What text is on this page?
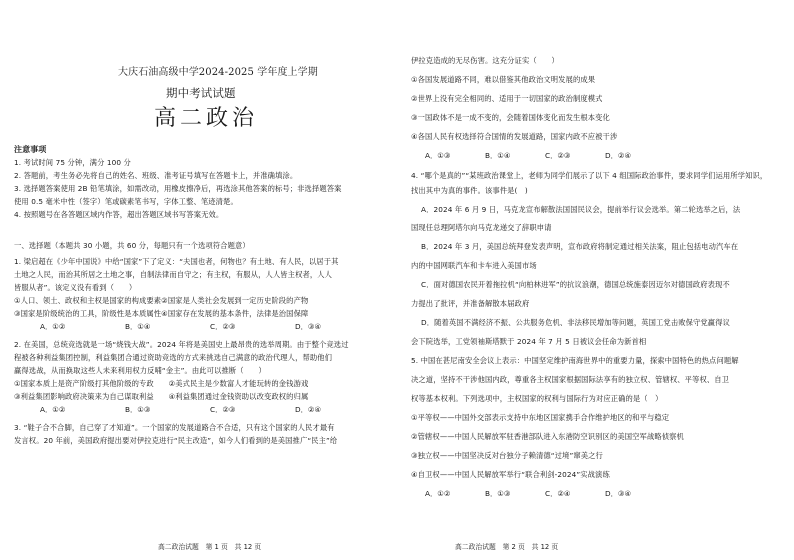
大庆石油高级中学2024-2025 学年度上学期
期中考试试题
高二政治
注意事项
1. 考试时间 75 分钟，满分 100 分
2. 答题前，考生务必先将自己的姓名、班级、准考证号填写在答题卡上，并准确填涂。
3. 选择题答案使用 2B 铅笔填涂，如需改动，用橡皮擦净后，再选涂其他答案的标号；非选择题答案
使用 0.5 毫米中性（签字）笔或碳素笔书写，字体工整、笔迹清楚。
4. 按照题号在各答题区域内作答，超出答题区域书写答案无效。
一、选择题（本题共 30 小题，共 60 分，每题只有一个选项符合题意）
1. 梁启超在《少年中国说》中给“国家”下了定义：“夫国也者，何物也？有土地、有人民，以居于其
土地之人民，而治其所居之土地之事，自制法律而自守之；有主权，有服从，人人皆主权者，人人
皆服从者”。该定义没有看到（　　）
①人口、领土、政权和主权是国家的构成要素②国家是人类社会发展到一定历史阶段的产物
③国家是阶级统治的工具，阶级性是本质属性④国家存在发展的基本条件，法律是治国保障
A．①②	B．①④	C．②③	D．③④
2. 在美国，总统竞选就是一场“烧钱大战”。2024 年将是美国史上最昂贵的选举周期。由于整个竞选过
程被各种利益集团控制，利益集团合通过资助竞选的方式来挑选自己满意的政治代理人，帮助他们
赢得选战，从而换取这些人未来利用权力反哺“金主”。由此可以推断（　　）
①国家本质上是资产阶级打其他阶级的专政　　②美式民主是少数富人才能玩转的金钱游戏
③利益集团影响政府决策来为自己谋取利益　　④利益集团通过金钱资助以改变政权的归属
A．①②	B．①③	C．②③	D．②④
3. “鞋子合不合脚，自己穿了才知道”。一个国家的发展道路合不合适，只有这个国家的人民才最有
发言权。20 年前，美国政府提出要对伊拉克进行“民主改造”，如今人们看到的是美国推广“民主”给
高二政治试题　第 1 页　共 12 页
伊拉克造成的无尽伤害。这充分证实（　　）
①各国发展道路不同，难以借鉴其他政治文明发展的成果
②世界上没有完全相同的、适用于一切国家的政治制度模式
③一国政体不是一成不变的，会随着国体变化而发生根本变化
④各国人民有权选择符合国情的发展道路，国家内政不应被干涉
A．①③	B．①④	C．②③	D．②④
4. “哪个是真的”“某班政治课堂上，老师为同学们展示了以下 4 组国际政治事件，要求同学们运用所学知识，
找出其中为真的事件。该事件是(　)
A．2024 年 6 月 9 日，马克龙宣布解散法国国民议会，提前举行议会选举。第二轮选举之后，法
国现任总理阿塔尔向马克龙递交了辞职申请
B．2024 年 3 月，美国总统拜登发表声明，宣布政府将制定通过相关法案，阻止包括电动汽车在
内的中国网联汽车和卡车进入美国市场
C．面对德国农民开着拖拉机“向柏林进军”的抗议浪潮，德国总统施泰因迈尔对德国政府表现不
力提出了批评，并准备解散本届政府
D．随着英国不满经济不振、公共服务危机、非法移民增加等问题，英国工党击败保守党赢得议
会下院选举，工党领袖斯塔默于 2024 年 7 月 5 日被议会任命为新首相
5. 中国在甚尼南安全会议上表示：中国坚定维护南海世界中的重要力量，探索中国特色的热点问题解
决之道，坚持不干涉他国内政，尊重各主权国家根据国际法享有的独立权、管辖权、平等权、自卫
权等基本权利。下列选项中，主权国家的权利与国际行为对应正确的是（　）
①平等权——中国外交部表示支持中东地区国家携手合作维护地区的和平与稳定
②管辖权——中国人民解放军驻香港部队进入东港防空识别区的美国空军战略侦察机
③独立权——中国坚决反对台独分子赖清德“过境”窜美之行
④自卫权——中国人民解放军举行“联合利剑-2024”实战演练
A．①②	B．①③	C．②④	D．③④
高二政治试题　第 2 页　共 12 页
